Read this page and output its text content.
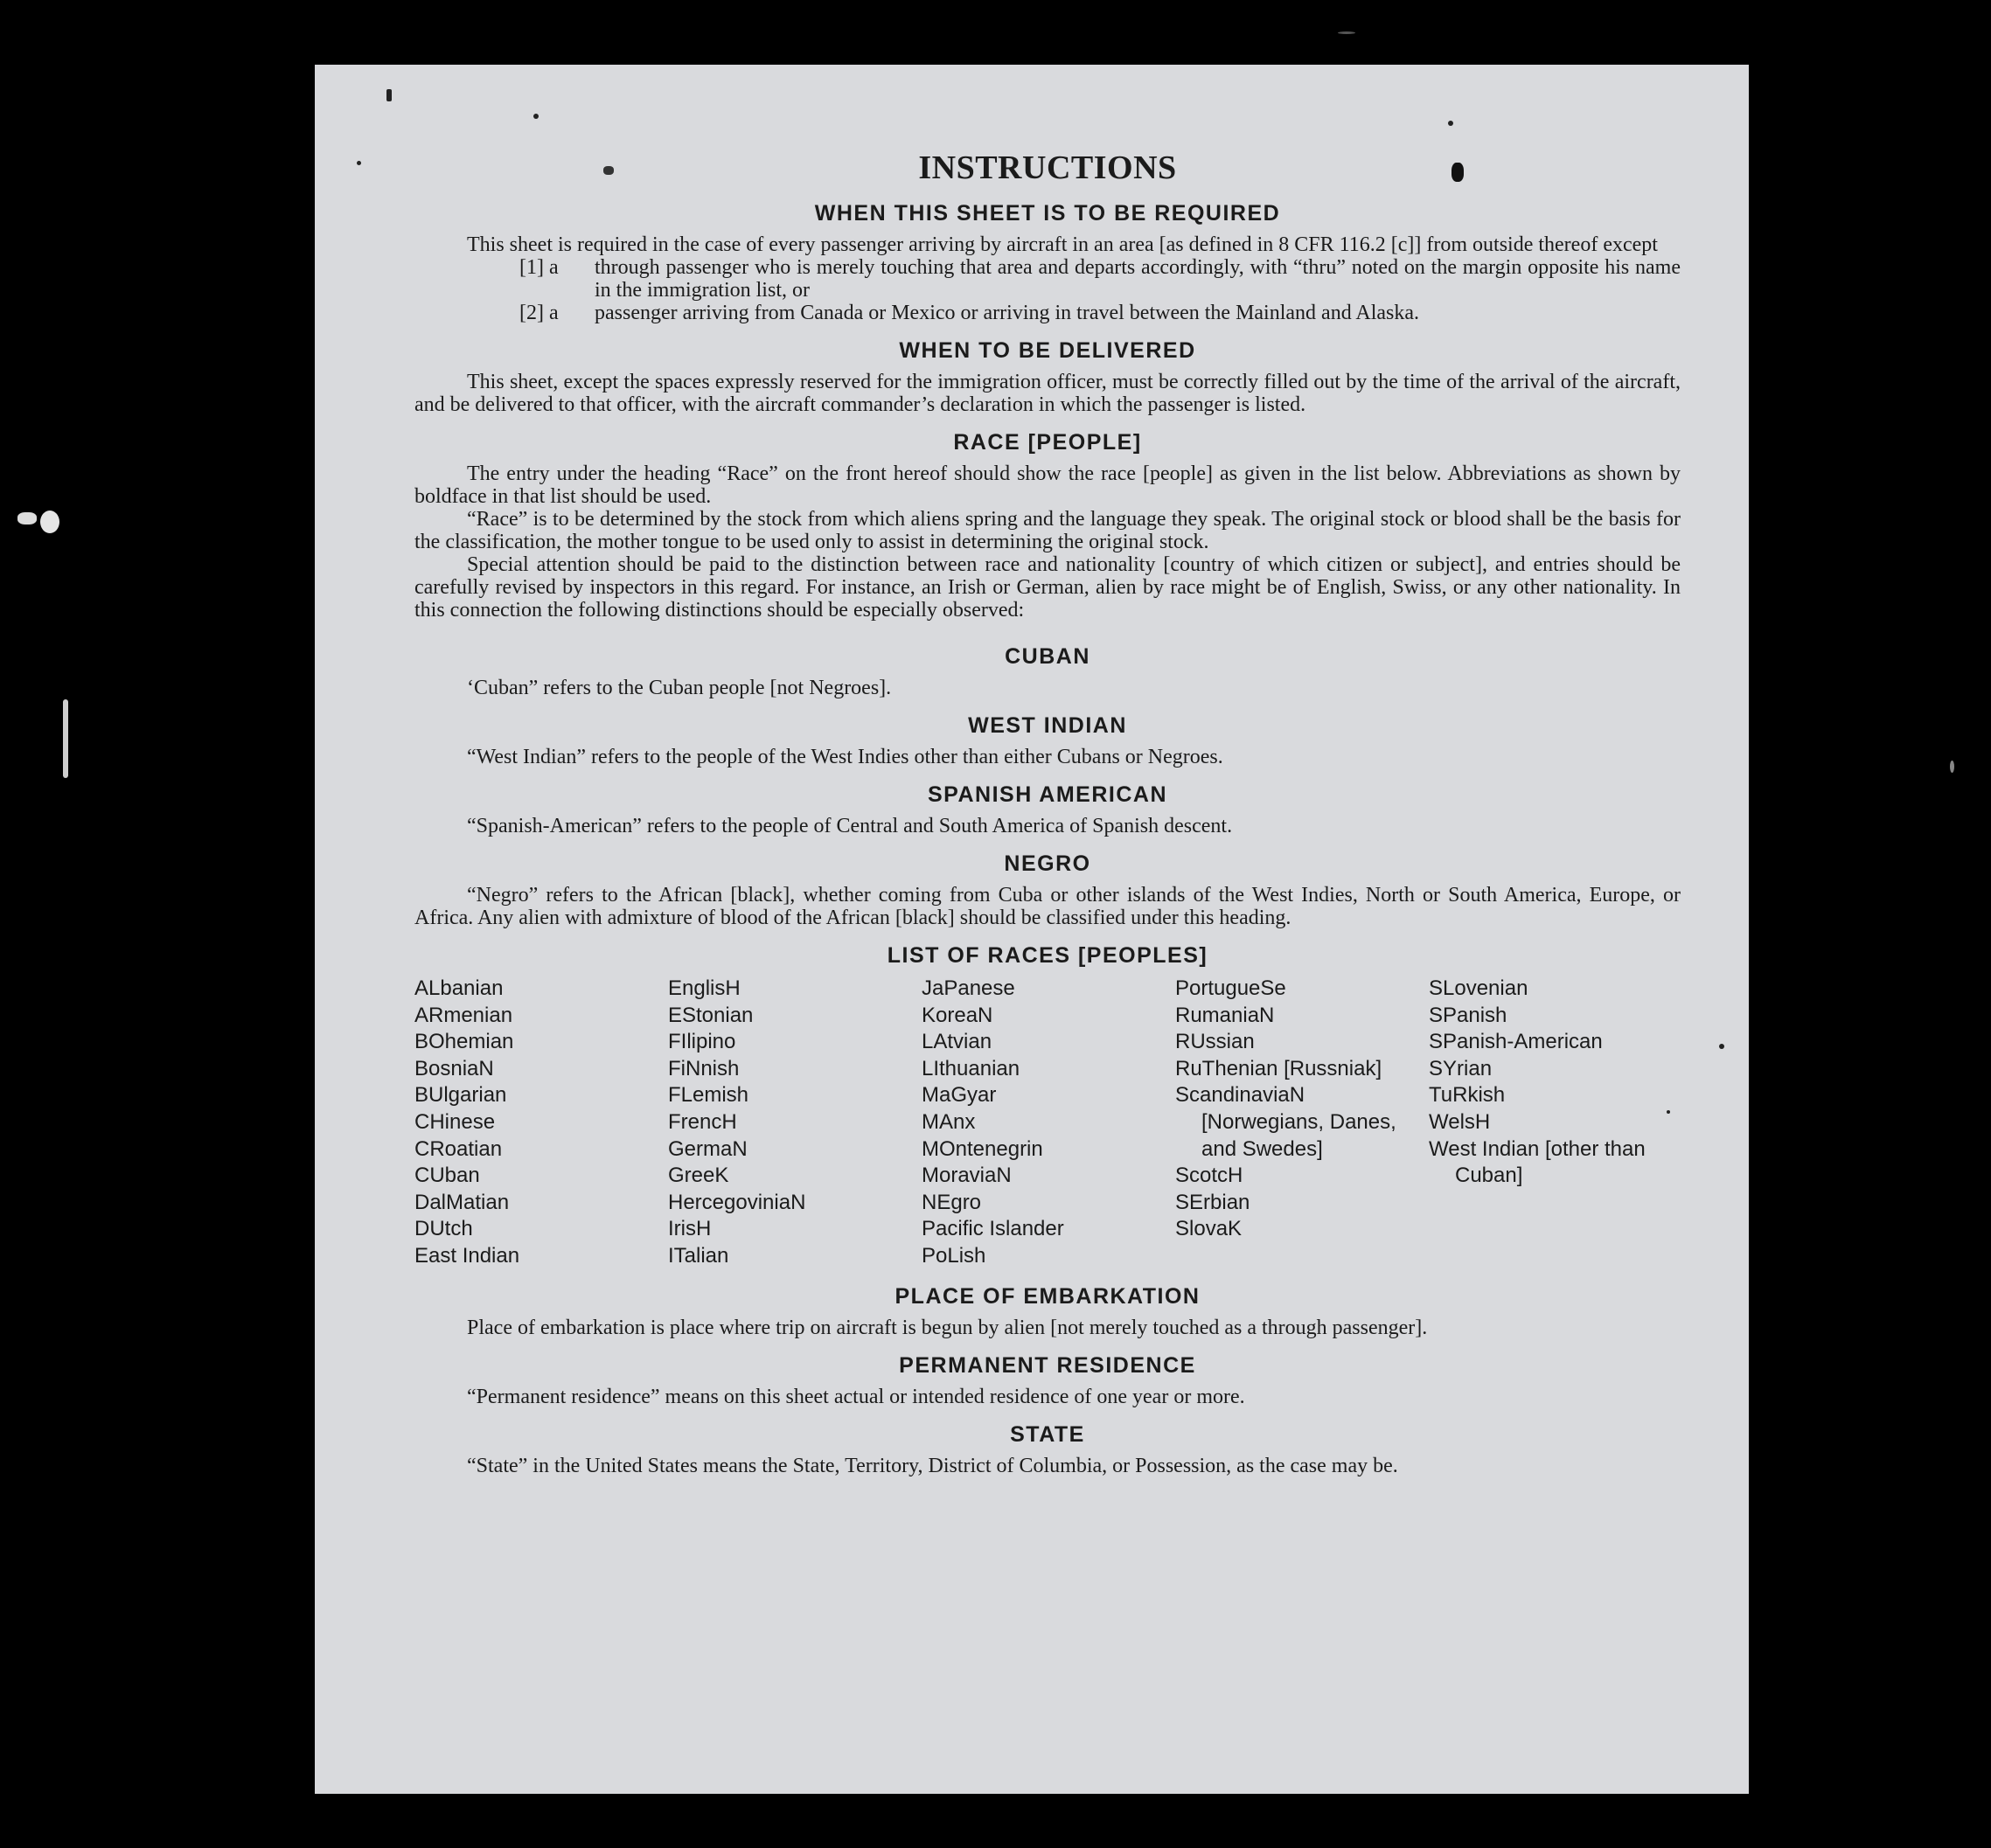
INSTRUCTIONS
WHEN THIS SHEET IS TO BE REQUIRED

This sheet is required in the case of every passenger arriving by aircraft in an area [as defined in 8 CFR 116.2 [c]] from outside thereof except

[1] a through passenger who is merely touching that area and departs accordingly, with “thru” noted on the margin opposite his name in the immigration list, or
[2] a passenger arriving from Canada or Mexico or arriving in travel between the Mainland and Alaska.
WHEN TO BE DELIVERED

This sheet, except the spaces expressly reserved for the immigration officer, must be correctly filled out by the time of the arrival of the aircraft, and be delivered to that officer, with the aircraft commander’s declaration in which the passenger is listed.

RACE [PEOPLE]

The entry under the heading “Race” on the front hereof should show the race [people] as given in the list below. Abbreviations as shown by boldface in that list should be used.

“Race” is to be determined by the stock from which aliens spring and the language they speak. The original stock or blood shall be the basis for the classification, the mother tongue to be used only to assist in determining the original stock.

Special attention should be paid to the distinction between race and nationality [country of which citizen or subject], and entries should be carefully revised by inspectors in this regard. For instance, an Irish or German, alien by race might be of English, Swiss, or any other nationality. In this connection the following distinctions should be especially observed:

CUBAN

‘Cuban” refers to the Cuban people [not Negroes].

WEST INDIAN

“West Indian” refers to the people of the West Indies other than either Cubans or Negroes.

SPANISH AMERICAN

“Spanish-American” refers to the people of Central and South America of Spanish descent.

NEGRO

“Negro” refers to the African [black], whether coming from Cuba or other islands of the West Indies, North or South America, Europe, or Africa. Any alien with admixture of blood of the African [black] should be classified under this heading.

LIST OF RACES [PEOPLES]
ALbanian
ARmenian
BOhemian
BosniaN
BUlgarian
CHinese
CRoatian
CUban
DalMatian
DUtch
East Indian
EnglisH
EStonian
FIlipino
FiNnish
FLemish
FrencH
GermaN
GreeK
HercegoviniaN
IrisH
ITalian
JaPanese
KoreaN
LAtvian
LIthuanian
MaGyar
MAnx
MOntenegrin
MoraviaN
NEgro
Pacific Islander
PoLish
PortugueSe
RumaniaN
RUssian
RuThenian [Russniak]
ScandinaviaN [Norwegians, Danes, and Swedes]
ScotcH
SErbian
SlovaK
SLovenian
SPanish
SPanish-American
SYrian
TuRkish
WelsH
West Indian [other than Cuban]
PLACE OF EMBARKATION

Place of embarkation is place where trip on aircraft is begun by alien [not merely touched as a through passenger].

PERMANENT RESIDENCE

“Permanent residence” means on this sheet actual or intended residence of one year or more.

STATE

“State” in the United States means the State, Territory, District of Columbia, or Possession, as the case may be.
